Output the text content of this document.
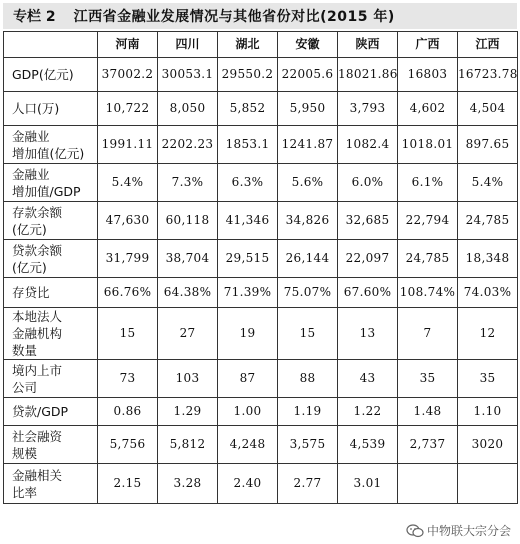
专栏 2 江西省金融业发展情况与其他省份对比(2015 年)
	河南	四川	湖北	安徽	陕西	广西	江西
GDP(亿元)	37002.2	30053.1	29550.2	22005.6	18021.86	16803	16723.78
人口(万)	10,722	8,050	5,852	5,950	3,793	4,602	4,504
金融业
增加值(亿元)	1991.11	2202.23	1853.1	1241.87	1082.4	1018.01	897.65
金融业
增加值/GDP	5.4%	7.3%	6.3%	5.6%	6.0%	6.1%	5.4%
存款余额
(亿元)	47,630	60,118	41,346	34,826	32,685	22,794	24,785
贷款余额
(亿元)	31,799	38,704	29,515	26,144	22,097	24,785	18,348
存贷比	66.76%	64.38%	71.39%	75.07%	67.60%	108.74%	74.03%
本地法人
金融机构
数量	15	27	19	15	13	7	12
境内上市
公司	73	103	87	88	43	35	35
贷款/GDP	0.86	1.29	1.00	1.19	1.22	1.48	1.10
社会融资
规模	5,756	5,812	4,248	3,575	4,539	2,737	3020
金融相关
比率	2.15	3.28	2.40	2.77	3.01		
中物联大宗分会
